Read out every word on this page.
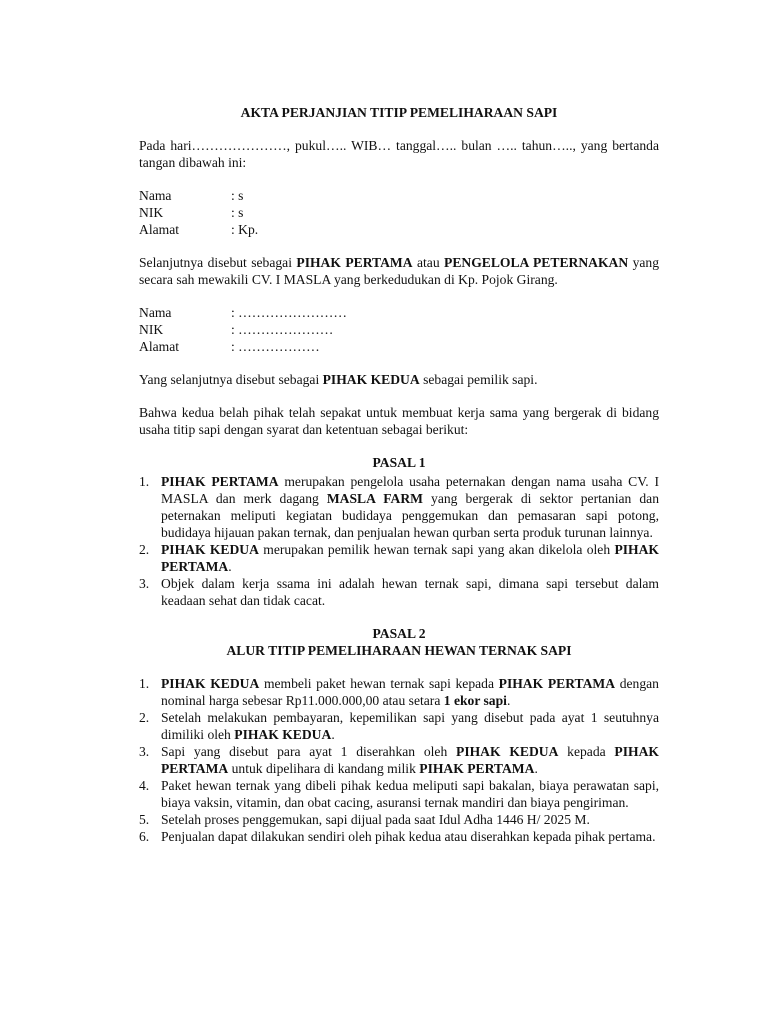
AKTA PERJANJIAN TITIP PEMELIHARAAN SAPI

Pada hari…………………, pukul….. WIB… tanggal….. bulan ….. tahun….., yang bertanda tangan dibawah ini:

Nama	: s
NIK	: s
Alamat	: Kp.

Selanjutnya disebut sebagai PIHAK PERTAMA atau PENGELOLA PETERNAKAN yang secara sah mewakili CV. I MASLA yang berkedudukan di Kp. Pojok Girang.

Nama	: ……………………
NIK	: …………………
Alamat	: ………………

Yang selanjutnya disebut sebagai PIHAK KEDUA sebagai pemilik sapi.

Bahwa kedua belah pihak telah sepakat untuk membuat kerja sama yang bergerak di bidang usaha titip sapi dengan syarat dan ketentuan sebagai berikut:

PASAL 1
1. PIHAK PERTAMA merupakan pengelola usaha peternakan dengan nama usaha CV. I MASLA dan merk dagang MASLA FARM yang bergerak di sektor pertanian dan peternakan meliputi kegiatan budidaya penggemukan dan pemasaran sapi potong, budidaya hijauan pakan ternak, dan penjualan hewan qurban serta produk turunan lainnya.
2. PIHAK KEDUA merupakan pemilik hewan ternak sapi yang akan dikelola oleh PIHAK PERTAMA.
3. Objek dalam kerja ssama ini adalah hewan ternak sapi, dimana sapi tersebut dalam keadaan sehat dan tidak cacat.
PASAL 2
ALUR TITIP PEMELIHARAAN HEWAN TERNAK SAPI
1. PIHAK KEDUA membeli paket hewan ternak sapi kepada PIHAK PERTAMA dengan nominal harga sebesar Rp11.000.000,00 atau setara 1 ekor sapi.
2. Setelah melakukan pembayaran, kepemilikan sapi yang disebut pada ayat 1 seutuhnya dimiliki oleh PIHAK KEDUA.
3. Sapi yang disebut para ayat 1 diserahkan oleh PIHAK KEDUA kepada PIHAK PERTAMA untuk dipelihara di kandang milik PIHAK PERTAMA.
4. Paket hewan ternak yang dibeli pihak kedua meliputi sapi bakalan, biaya perawatan sapi, biaya vaksin, vitamin, dan obat cacing, asuransi ternak mandiri dan biaya pengiriman.
5. Setelah proses penggemukan, sapi dijual pada saat Idul Adha 1446 H/ 2025 M.
6. Penjualan dapat dilakukan sendiri oleh pihak kedua atau diserahkan kepada pihak pertama.
